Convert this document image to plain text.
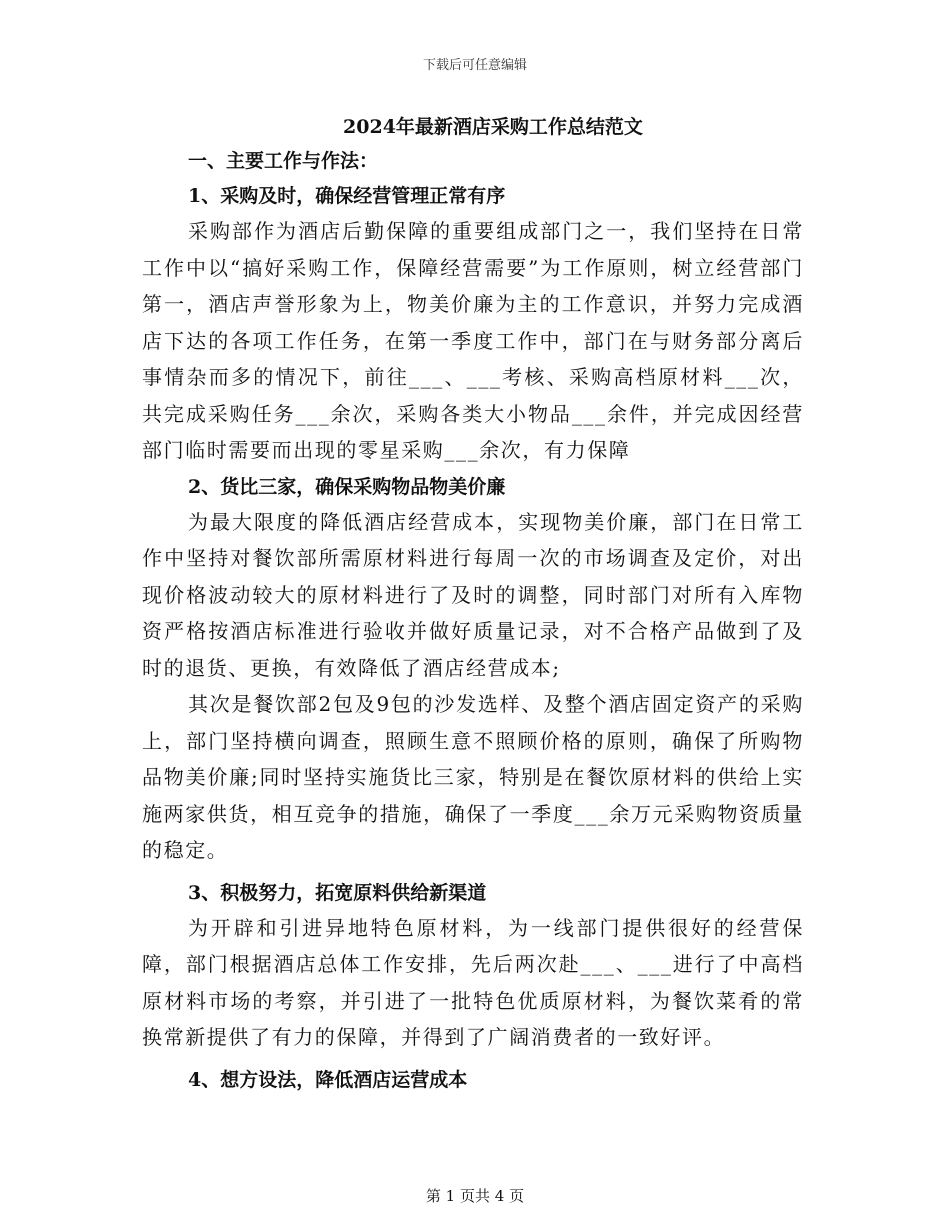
下载后可任意编辑

2024年最新酒店采购工作总结范文

一、主要工作与作法：

1、采购及时，确保经营管理正常有序

采购部作为酒店后勤保障的重要组成部门之一，我们坚持在日常工作中以“搞好采购工作，保障经营需要”为工作原则，树立经营部门第一，酒店声誉形象为上，物美价廉为主的工作意识，并努力完成酒店下达的各项工作任务，在第一季度工作中，部门在与财务部分离后事情杂而多的情况下，前往___、___考核、采购高档原材料___次，共完成采购任务___余次，采购各类大小物品___余件，并完成因经营部门临时需要而出现的零星采购___余次，有力保障

2、货比三家，确保采购物品物美价廉

为最大限度的降低酒店经营成本，实现物美价廉，部门在日常工作中坚持对餐饮部所需原材料进行每周一次的市场调查及定价，对出现价格波动较大的原材料进行了及时的调整，同时部门对所有入库物资严格按酒店标准进行验收并做好质量记录，对不合格产品做到了及时的退货、更换，有效降低了酒店经营成本;

其次是餐饮部2包及9包的沙发选样、及整个酒店固定资产的采购上，部门坚持横向调查，照顾生意不照顾价格的原则，确保了所购物品物美价廉;同时坚持实施货比三家，特别是在餐饮原材料的供给上实施两家供货，相互竞争的措施，确保了一季度___余万元采购物资质量的稳定。

3、积极努力，拓宽原料供给新渠道

为开辟和引进异地特色原材料，为一线部门提供很好的经营保障，部门根据酒店总体工作安排，先后两次赴___、___进行了中高档原材料市场的考察，并引进了一批特色优质原材料，为餐饮菜肴的常换常新提供了有力的保障，并得到了广阔消费者的一致好评。

4、想方设法，降低酒店运营成本

第 1 页共 4 页
